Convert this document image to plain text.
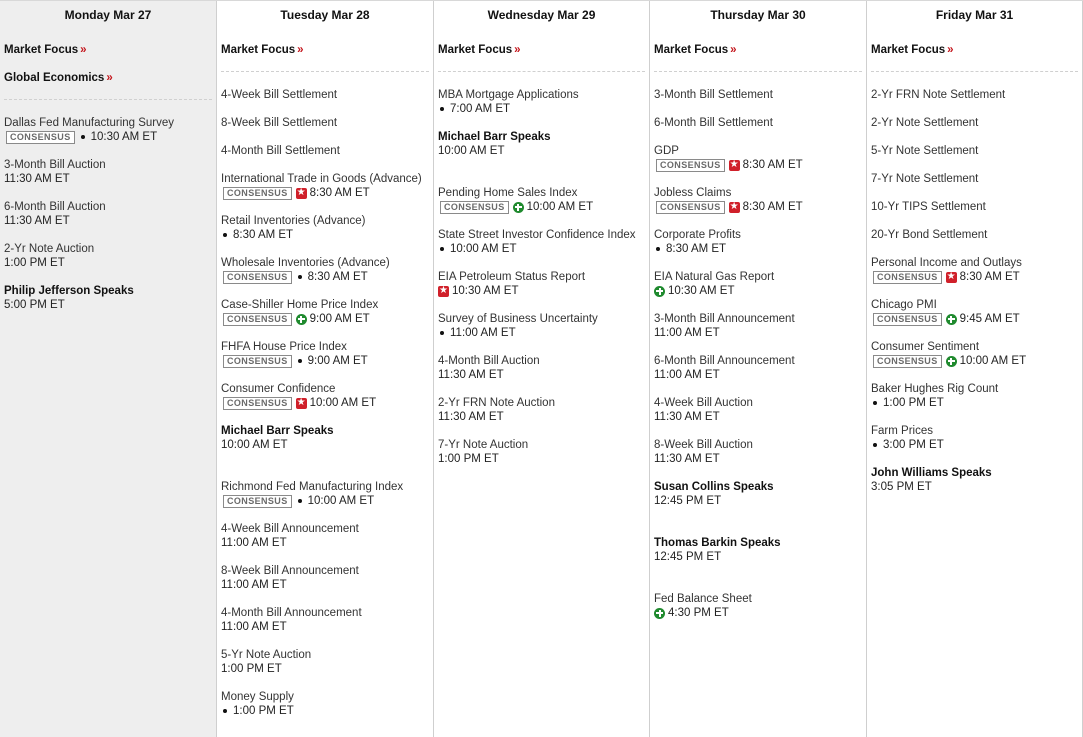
Monday Mar 27
Market Focus »
Global Economics »
Dallas Fed Manufacturing Survey
CONSENSUS	10:30 AM ET
3-Month Bill Auction
11:30 AM ET
6-Month Bill Auction
11:30 AM ET
2-Yr Note Auction
1:00 PM ET
Philip Jefferson Speaks
5:00 PM ET
Tuesday Mar 28
Market Focus »
4-Week Bill Settlement
8-Week Bill Settlement
4-Month Bill Settlement
International Trade in Goods (Advance)
CONSENSUS ★	8:30 AM ET
Retail Inventories (Advance)
8:30 AM ET
Wholesale Inventories (Advance)
CONSENSUS	8:30 AM ET
Case-Shiller Home Price Index
CONSENSUS	9:00 AM ET
FHFA House Price Index
CONSENSUS	9:00 AM ET
Consumer Confidence
CONSENSUS ★	10:00 AM ET
Michael Barr Speaks
10:00 AM ET
Richmond Fed Manufacturing Index
CONSENSUS	10:00 AM ET
4-Week Bill Announcement
11:00 AM ET
8-Week Bill Announcement
11:00 AM ET
4-Month Bill Announcement
11:00 AM ET
5-Yr Note Auction
1:00 PM ET
Money Supply
1:00 PM ET
Wednesday Mar 29
Market Focus »
MBA Mortgage Applications
7:00 AM ET
Michael Barr Speaks
10:00 AM ET
Pending Home Sales Index
CONSENSUS	10:00 AM ET
State Street Investor Confidence Index
10:00 AM ET
EIA Petroleum Status Report
★
10:30 AM ET
Survey of Business Uncertainty
11:00 AM ET
4-Month Bill Auction
11:30 AM ET
2-Yr FRN Note Auction
11:30 AM ET
7-Yr Note Auction
1:00 PM ET
Thursday Mar 30
Market Focus »
3-Month Bill Settlement
6-Month Bill Settlement
GDP
CONSENSUS ★	8:30 AM ET
Jobless Claims
CONSENSUS ★	8:30 AM ET
Corporate Profits
8:30 AM ET
EIA Natural Gas Report
10:30 AM ET
3-Month Bill Announcement
11:00 AM ET
6-Month Bill Announcement
11:00 AM ET
4-Week Bill Auction
11:30 AM ET
8-Week Bill Auction
11:30 AM ET
Susan Collins Speaks
12:45 PM ET
Thomas Barkin Speaks
12:45 PM ET
Fed Balance Sheet
4:30 PM ET
Friday Mar 31
Market Focus »
2-Yr FRN Note Settlement
2-Yr Note Settlement
5-Yr Note Settlement
7-Yr Note Settlement
10-Yr TIPS Settlement
20-Yr Bond Settlement
Personal Income and Outlays
CONSENSUS ★	8:30 AM ET
Chicago PMI
CONSENSUS	9:45 AM ET
Consumer Sentiment
CONSENSUS	10:00 AM ET
Baker Hughes Rig Count
1:00 PM ET
Farm Prices
3:00 PM ET
John Williams Speaks
3:05 PM ET
